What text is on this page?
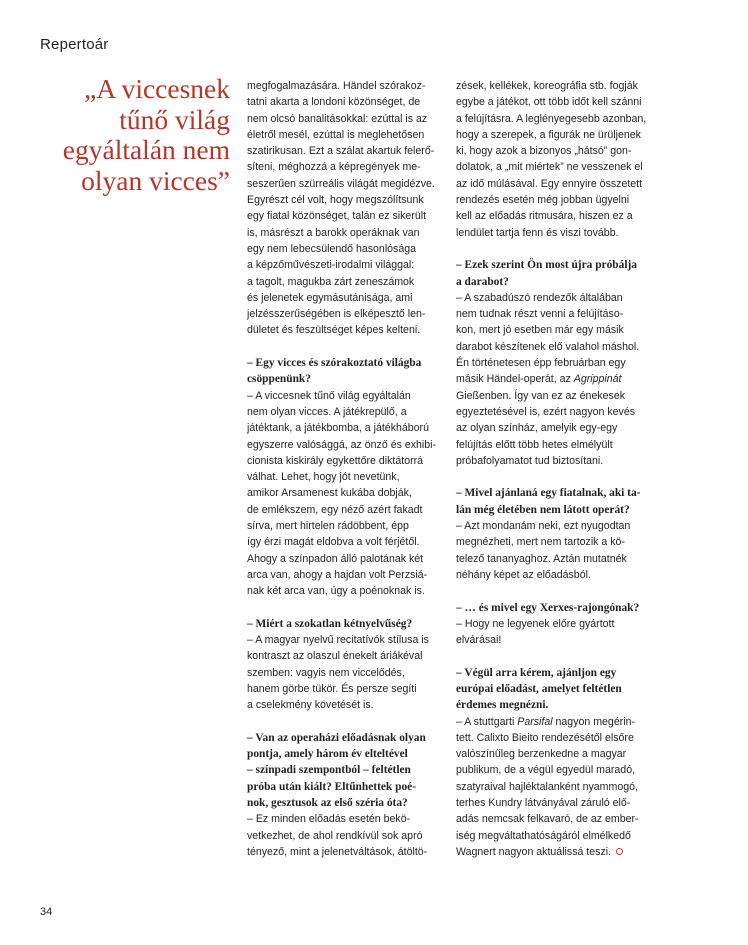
Repertoár
„A viccesnek
tűnő világ
egyáltalán nem
olyan vicces”
megfogalmazására. Händel szórakoz-
tatni akarta a londoni közönséget, de
nem olcsó banalitásokkal: ezúttal is az
életről mesél, ezúttal is meglehetősen
szatirikusan. Ezt a szálat akartuk felerő-
síteni, méghozzá a képregények me-
seszerűen szürreális világát megidézve.
Egyrészt cél volt, hogy megszólítsunk
egy fiatal közönséget, talán ez sikerült
is, másrészt a barokk operáknak van
egy nem lebecsülendő hasonlósága
a képzőművészeti-irodalmi világgal:
a tagolt, magukba zárt zeneszámok
és jelenetek egymásutánisága, ami
jelzésszerűségében is elképesztő len-
dületet és feszültséget képes kelteni.
– Egy vicces és szórakoztató világba
csöppenünk?
– A viccesnek tűnő világ egyáltalán
nem olyan vicces. A játékrepülő, a
játéktank, a játékbomba, a játékháború
egyszerre valósággá, az önző és exhibi-
cionista kiskirály egykettőre diktátorrá
válhat. Lehet, hogy jót nevetünk,
amikor Arsamenest kukába dobják,
de emlékszem, egy néző azért fakadt
sírva, mert hirtelen rádöbbent, épp
így érzi magát eldobva a volt férjétől.
Ahogy a színpadon álló palotának két
arca van, ahogy a hajdan volt Perzsiá-
nak két arca van, úgy a poénoknak is.
– Miért a szokatlan kétnyelvűség?
– A magyar nyelvű recitatívók stílusa is
kontraszt az olaszul énekelt áriákéval
szemben: vagyis nem viccelődés,
hanem görbe tükör. És persze segíti
a cselekmény követését is.
– Van az operaházi előadásnak olyan
pontja, amely három év elteltével
– színpadi szempontból – feltétlen
próba után kiált? Eltűnhettek poé-
nok, gesztusok az első széria óta?
– Ez minden előadás esetén bekö-
vetkezhet, de ahol rendkívül sok apró
tényező, mint a jelenetváltások, átöltö-
zések, kellékek, koreográfia stb. fogják
egybe a játékot, ott több időt kell szánni
a felújításra. A leglényegesebb azonban,
hogy a szerepek, a figurák ne ürüljenek
ki, hogy azok a bizonyos „hátsó” gon-
dolatok, a „mit miértek” ne vesszenek el
az idő múlásával. Egy ennyire összetett
rendezés esetén még jobban ügyelni
kell az előadás ritmusára, hiszen ez a
lendület tartja fenn és viszi tovább.
– Ezek szerint Ön most újra próbálja
a darabot?
– A szabadúszó rendezők általában
nem tudnak részt venni a felújításo-
kon, mert jó esetben már egy másik
darabot készítenek elő valahol máshol.
Én történetesen épp februárban egy
másik Händel-operát, az Agrippinát
Gießenben. Így van ez az énekesek
egyeztetésével is, ezért nagyon kevés
az olyan színház, amelyik egy-egy
felújítás előtt több hetes elmélyült
próbafolyamatot tud biztosítani.
– Mivel ajánlaná egy fiatalnak, aki ta-
lán még életében nem látott operát?
– Azt mondanám neki, ezt nyugodtan
megnézheti, mert nem tartozik a kö-
telező tananyaghoz. Aztán mutatnék
néhány képet az előadásból.
– … és mivel egy Xerxes-rajongónak?
– Hogy ne legyenek előre gyártott
elvárásai!
– Végül arra kérem, ajánljon egy
európai előadást, amelyet feltétlen
érdemes megnézni.
– A stuttgarti Parsifal nagyon megérin-
tett. Calixto Bieito rendezésétől elsőre
valószínűleg berzenkedne a magyar
publikum, de a végül egyedül maradó,
szatyraival hajléktalanként nyammogó,
terhes Kundry látványával záruló elő-
adás nemcsak felkavaró, de az ember-
iség megváltathatóságáról elmélkedő
Wagnert nagyon aktuálissá teszi.
34
